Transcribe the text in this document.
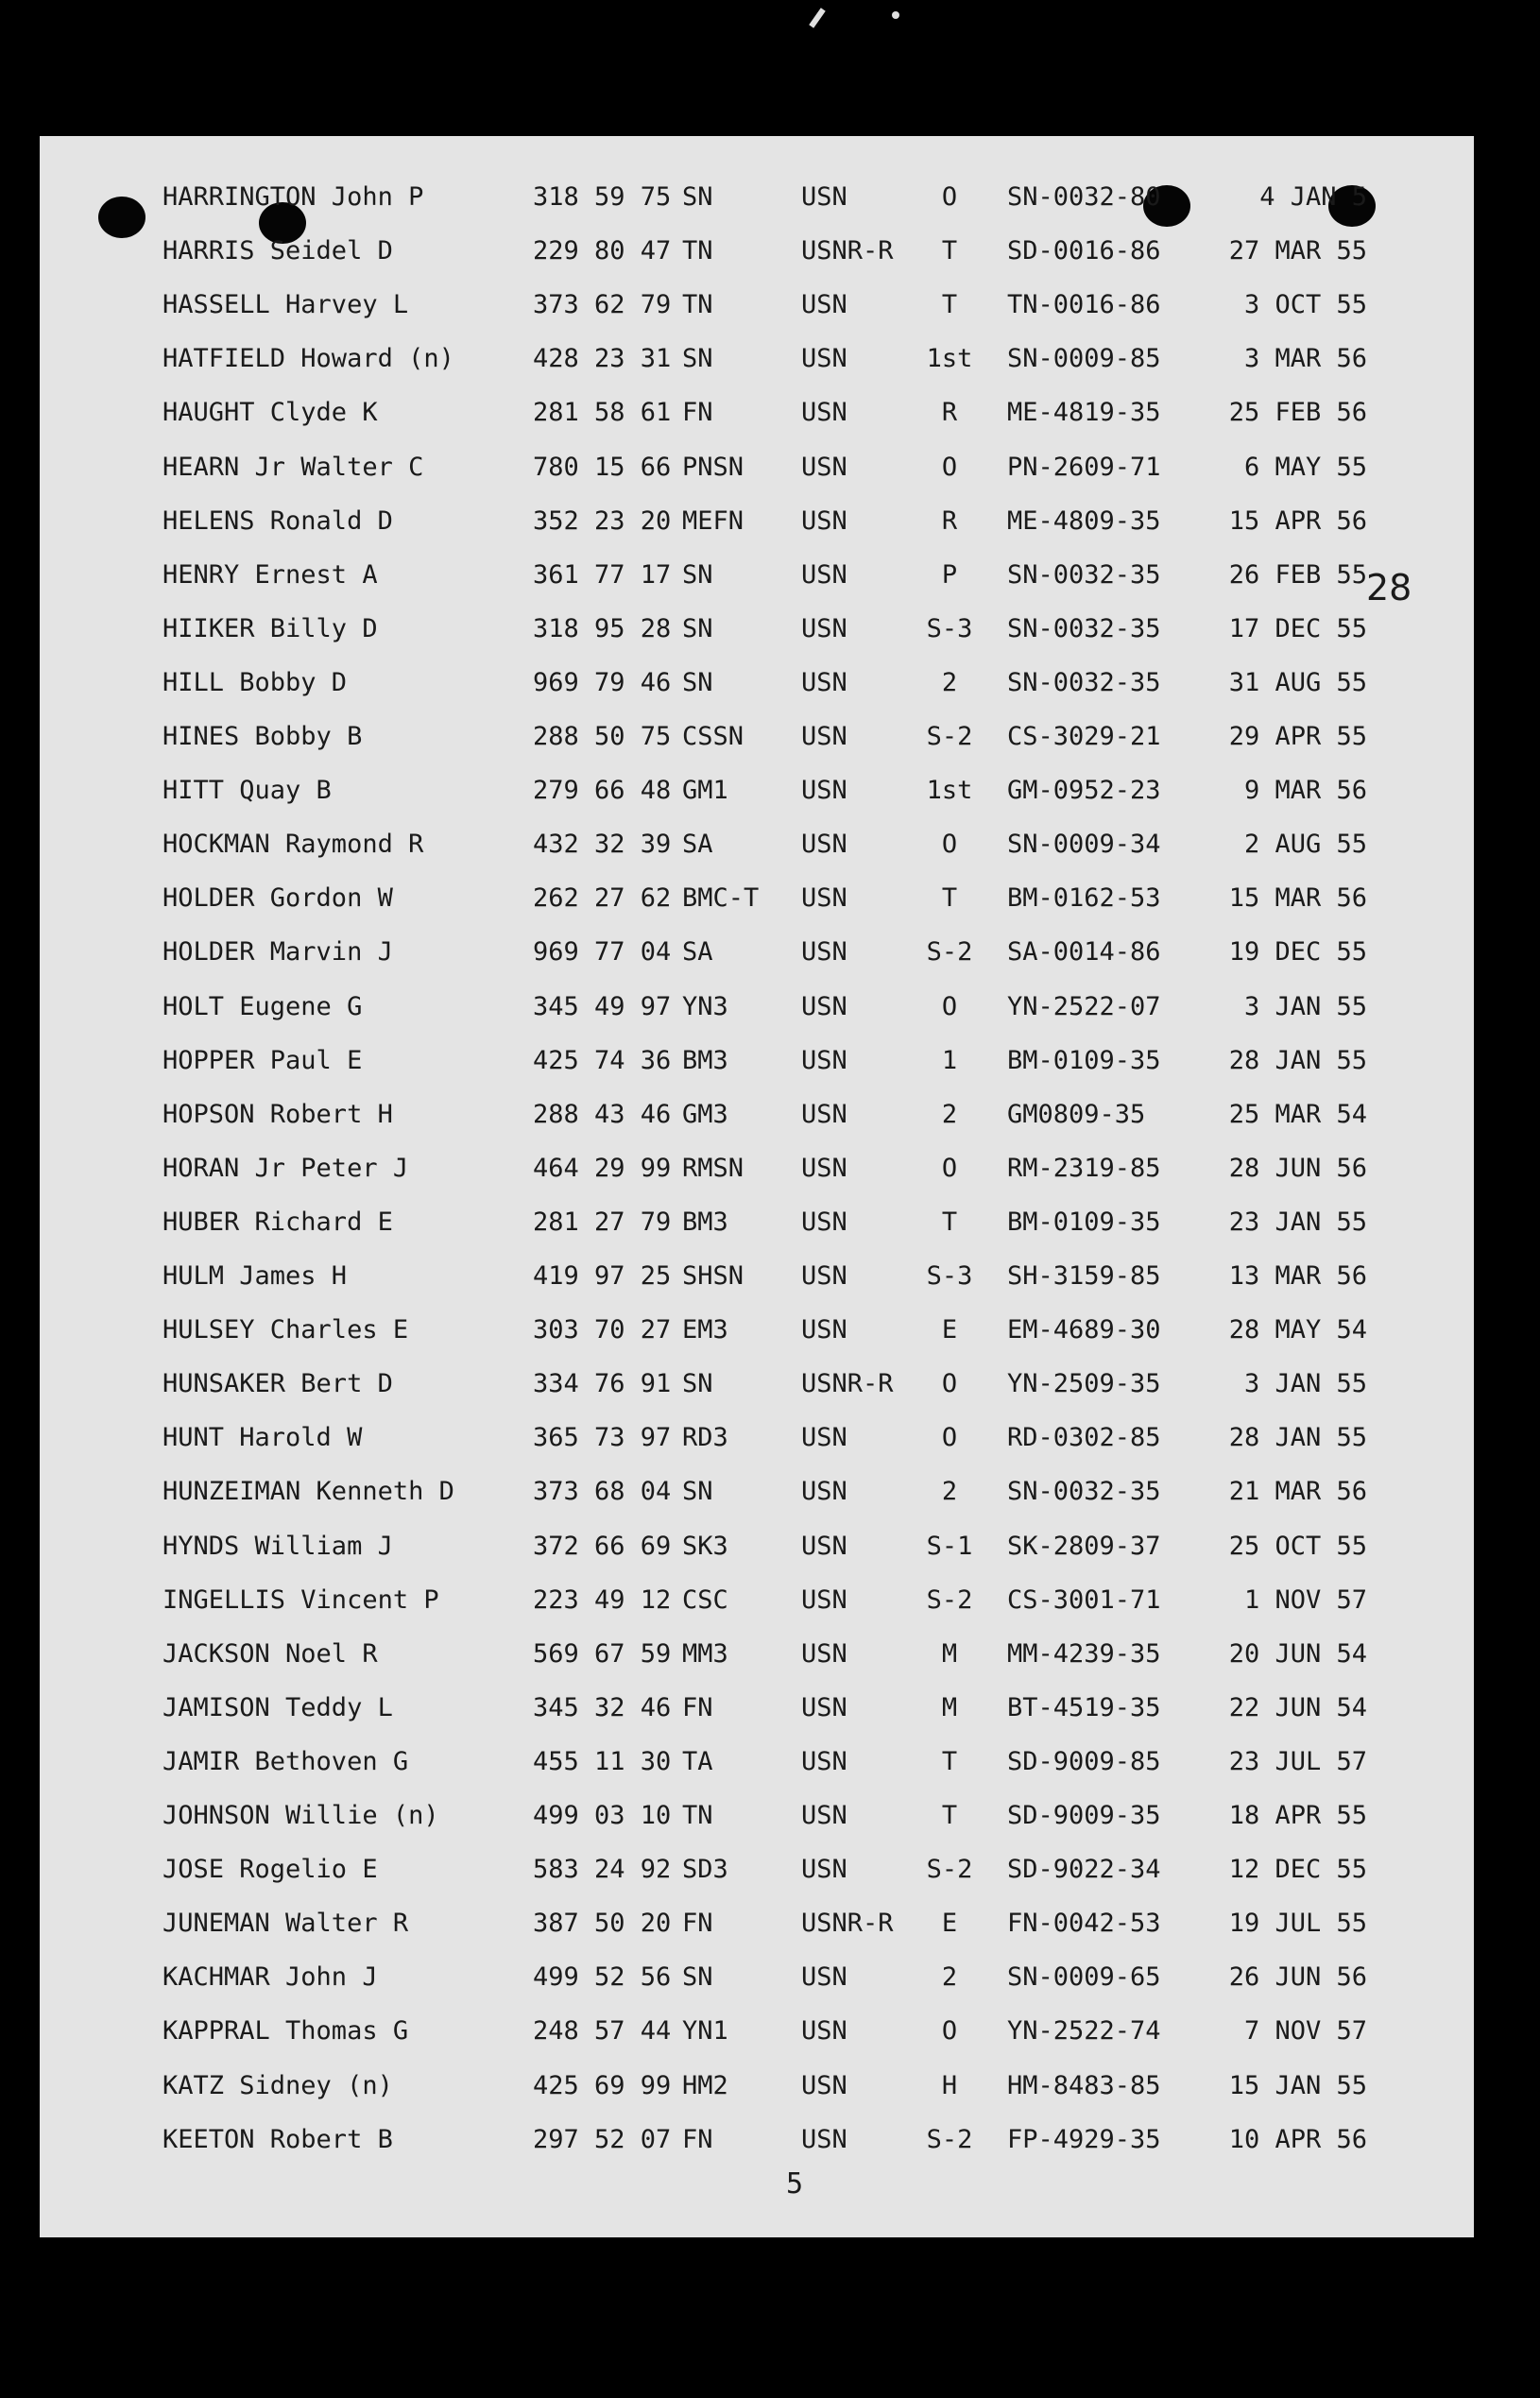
HARRINGTON John P	318 59 75 SN	USN	O	SN-0032-80	4 JAN 5
HARRIS Seidel D	229 80 47 TN	USNR-R	T	SD-0016-86	27 MAR 55
HASSELL Harvey L	373 62 79 TN	USN	T	TN-0016-86	3 OCT 55
HATFIELD Howard (n)	428 23 31 SN	USN	1st	SN-0009-85	3 MAR 56
HAUGHT Clyde K	281 58 61 FN	USN	R	ME-4819-35	25 FEB 56
HEARN Jr Walter C	780 15 66 PNSN USN	O	PN-2609-71	6 MAY 55
HELENS Ronald D	352 23 20 MEFN USN	R	ME-4809-35	15 APR 56
HENRY Ernest A	361 77 17 SN	USN	P	SN-0032-35	26 FEB 55
HIIKER Billy D	318 95 28 SN	USN	S-3	SN-0032-35	17 DEC 55
HILL Bobby D	969 79 46 SN	USN	2	SN-0032-35	31 AUG 55
HINES Bobby B	288 50 75 CSSN USN	S-2	CS-3029-21	29 APR 55
HITT Quay B	279 66 48 GM1	USN	1st	GM-0952-23	9 MAR 56
HOCKMAN Raymond R	432 32 39 SA	USN	O	SN-0009-34	2 AUG 55
HOLDER Gordon W	262 27 62 BMC-T USN	T	BM-0162-53	15 MAR 56
HOLDER Marvin J	969 77 04 SA	USN	S-2	SA-0014-86	19 DEC 55
HOLT Eugene G	345 49 97 YN3	USN	O	YN-2522-07	3 JAN 55
HOPPER Paul E	425 74 36 BM3	USN	1	BM-0109-35	28 JAN 55
HOPSON Robert H	288 43 46 GM3	USN	2	GM0809-35	25 MAR 54
HORAN Jr Peter J	464 29 99 RMSN USN	O	RM-2319-85	28 JUN 56
HUBER Richard E	281 27 79 BM3	USN	T	BM-0109-35	23 JAN 55
HULM James H	419 97 25 SHSN USN	S-3	SH-3159-85	13 MAR 56
HULSEY Charles E	303 70 27 EM3	USN	E	EM-4689-30	28 MAY 54
HUNSAKER Bert D	334 76 91 SN	USNR-R	O	YN-2509-35	3 JAN 55
HUNT Harold W	365 73 97 RD3	USN	O	RD-0302-85	28 JAN 55
HUNZEIMAN Kenneth D	373 68 04 SN	USN	2	SN-0032-35	21 MAR 56
HYNDS William J	372 66 69 SK3	USN	S-1	SK-2809-37	25 OCT 55
INGELLIS Vincent P	223 49 12 CSC	USN	S-2	CS-3001-71	1 NOV 57
JACKSON Noel R	569 67 59 MM3	USN	M	MM-4239-35	20 JUN 54
JAMISON Teddy L	345 32 46 FN	USN	M	BT-4519-35	22 JUN 54
JAMIR Bethoven G	455 11 30 TA	USN	T	SD-9009-85	23 JUL 57
JOHNSON Willie (n)	499 03 10 TN	USN	T	SD-9009-35	18 APR 55
JOSE Rogelio E	583 24 92 SD3	USN	S-2	SD-9022-34	12 DEC 55
JUNEMAN Walter R	387 50 20 FN	USNR-R	E	FN-0042-53	19 JUL 55
KACHMAR John J	499 52 56 SN	USN	2	SN-0009-65	26 JUN 56
KAPPRAL Thomas G	248 57 44 YN1	USN	O	YN-2522-74	7 NOV 57
KATZ Sidney (n)	425 69 99 HM2	USN	H	HM-8483-85	15 JAN 55
KEETON Robert B	297 52 07 FN	USN	S-2	FP-4929-35	10 APR 56
28
5
